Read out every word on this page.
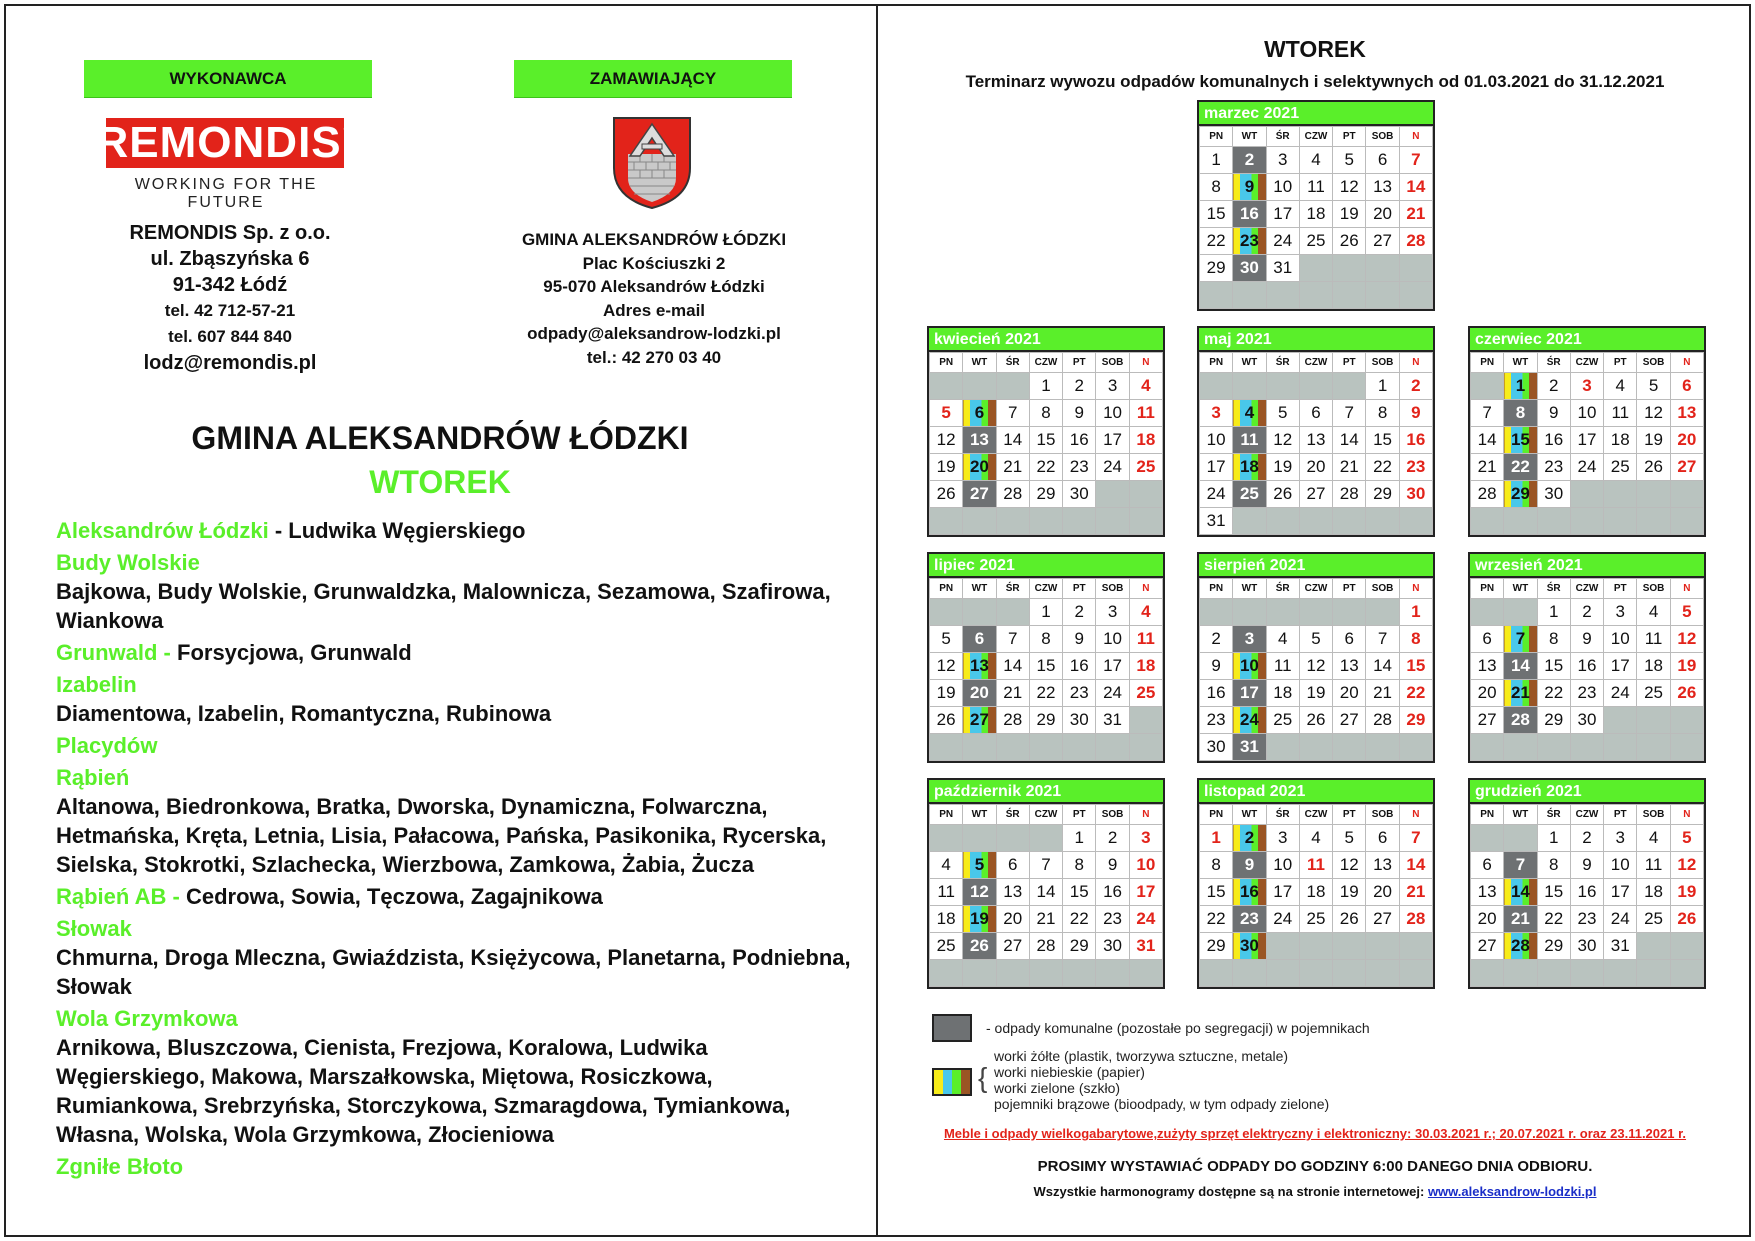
WYKONAWCA	ZAMAWIAJĄCY
REMONDIS®
WORKING FOR THE FUTURE
REMONDIS Sp. z o.o.
ul. Zbąszyńska 6
91-342 Łódź
tel. 42 712-57-21
tel. 607 844 840
lodz@remondis.pl
GMINA ALEKSANDRÓW ŁÓDZKI
Plac Kościuszki 2
95-070 Aleksandrów Łódzki
Adres e-mail
odpady@aleksandrow-lodzki.pl
tel.: 42 270 03 40
GMINA ALEKSANDRÓW ŁÓDZKI
WTOREK

Aleksandrów Łódzki - Ludwika Węgierskiego

Budy Wolskie
Bajkowa, Budy Wolskie, Grunwaldzka, Malownicza, Sezamowa, Szafirowa, Wiankowa

Grunwald - Forsycjowa, Grunwald

Izabelin
Diamentowa, Izabelin, Romantyczna, Rubinowa

Placydów

Rąbień
Altanowa, Biedronkowa, Bratka, Dworska, Dynamiczna, Folwarczna, Hetmańska, Kręta, Letnia, Lisia, Pałacowa, Pańska, Pasikonika, Rycerska, Sielska, Stokrotki, Szlachecka, Wierzbowa, Zamkowa, Żabia, Żucza

Rąbień AB - Cedrowa, Sowia, Tęczowa, Zagajnikowa

Słowak
Chmurna, Droga Mleczna, Gwiaździsta, Księżycowa, Planetarna, Podniebna, Słowak

Wola Grzymkowa
Arnikowa, Bluszczowa, Cienista, Frezjowa, Koralowa, Ludwika Węgierskiego, Makowa, Marszałkowska, Miętowa, Rosiczkowa, Rumiankowa, Srebrzyńska, Storczykowa, Szmaragdowa, Tymiankowa, Własna, Wolska, Wola Grzymkowa, Złocieniowa

Zgniłe Błoto

WTOREK
Terminarz wywozu odpadów komunalnych i selektywnych od 01.03.2021 do 31.12.2021
marzec 2021
PN	WT	ŚR	CZW	PT	SOB	N
1	2	3	4	5	6	7
8	9	10	11	12	13	14
15	16	17	18	19	20	21
22	23	24	25	26	27	28
29	30	31				

kwiecień 2021
PN	WT	ŚR	CZW	PT	SOB	N
			1	2	3	4
5	6	7	8	9	10	11
12	13	14	15	16	17	18
19	20	21	22	23	24	25
26	27	28	29	30		

maj 2021
PN	WT	ŚR	CZW	PT	SOB	N
					1	2
3	4	5	6	7	8	9
10	11	12	13	14	15	16
17	18	19	20	21	22	23
24	25	26	27	28	29	30
31						
czerwiec 2021
PN	WT	ŚR	CZW	PT	SOB	N
	1	2	3	4	5	6
7	8	9	10	11	12	13
14	15	16	17	18	19	20
21	22	23	24	25	26	27
28	29	30				

lipiec 2021
PN	WT	ŚR	CZW	PT	SOB	N
			1	2	3	4
5	6	7	8	9	10	11
12	13	14	15	16	17	18
19	20	21	22	23	24	25
26	27	28	29	30	31	

sierpień 2021
PN	WT	ŚR	CZW	PT	SOB	N
						1
2	3	4	5	6	7	8
9	10	11	12	13	14	15
16	17	18	19	20	21	22
23	24	25	26	27	28	29
30	31					
wrzesień 2021
PN	WT	ŚR	CZW	PT	SOB	N
		1	2	3	4	5
6	7	8	9	10	11	12
13	14	15	16	17	18	19
20	21	22	23	24	25	26
27	28	29	30			

październik 2021
PN	WT	ŚR	CZW	PT	SOB	N
				1	2	3
4	5	6	7	8	9	10
11	12	13	14	15	16	17
18	19	20	21	22	23	24
25	26	27	28	29	30	31

listopad 2021
PN	WT	ŚR	CZW	PT	SOB	N
1	2	3	4	5	6	7
8	9	10	11	12	13	14
15	16	17	18	19	20	21
22	23	24	25	26	27	28
29	30					

grudzień 2021
PN	WT	ŚR	CZW	PT	SOB	N
		1	2	3	4	5
6	7	8	9	10	11	12
13	14	15	16	17	18	19
20	21	22	23	24	25	26
27	28	29	30	31		

- odpady komunalne (pozostałe po segregacji) w pojemnikach
{
worki żółte (plastik, tworzywa sztuczne, metale)
worki niebieskie (papier)
worki zielone (szkło)
pojemniki brązowe (bioodpady, w tym odpady zielone)
Meble i odpady wielkogabarytowe,zużyty sprzęt elektryczny i elektroniczny: 30.03.2021 r.; 20.07.2021 r. oraz 23.11.2021 r.
PROSIMY WYSTAWIAĆ ODPADY DO GODZINY 6:00 DANEGO DNIA ODBIORU.
Wszystkie harmonogramy dostępne są na stronie internetowej: www.aleksandrow-lodzki.pl
